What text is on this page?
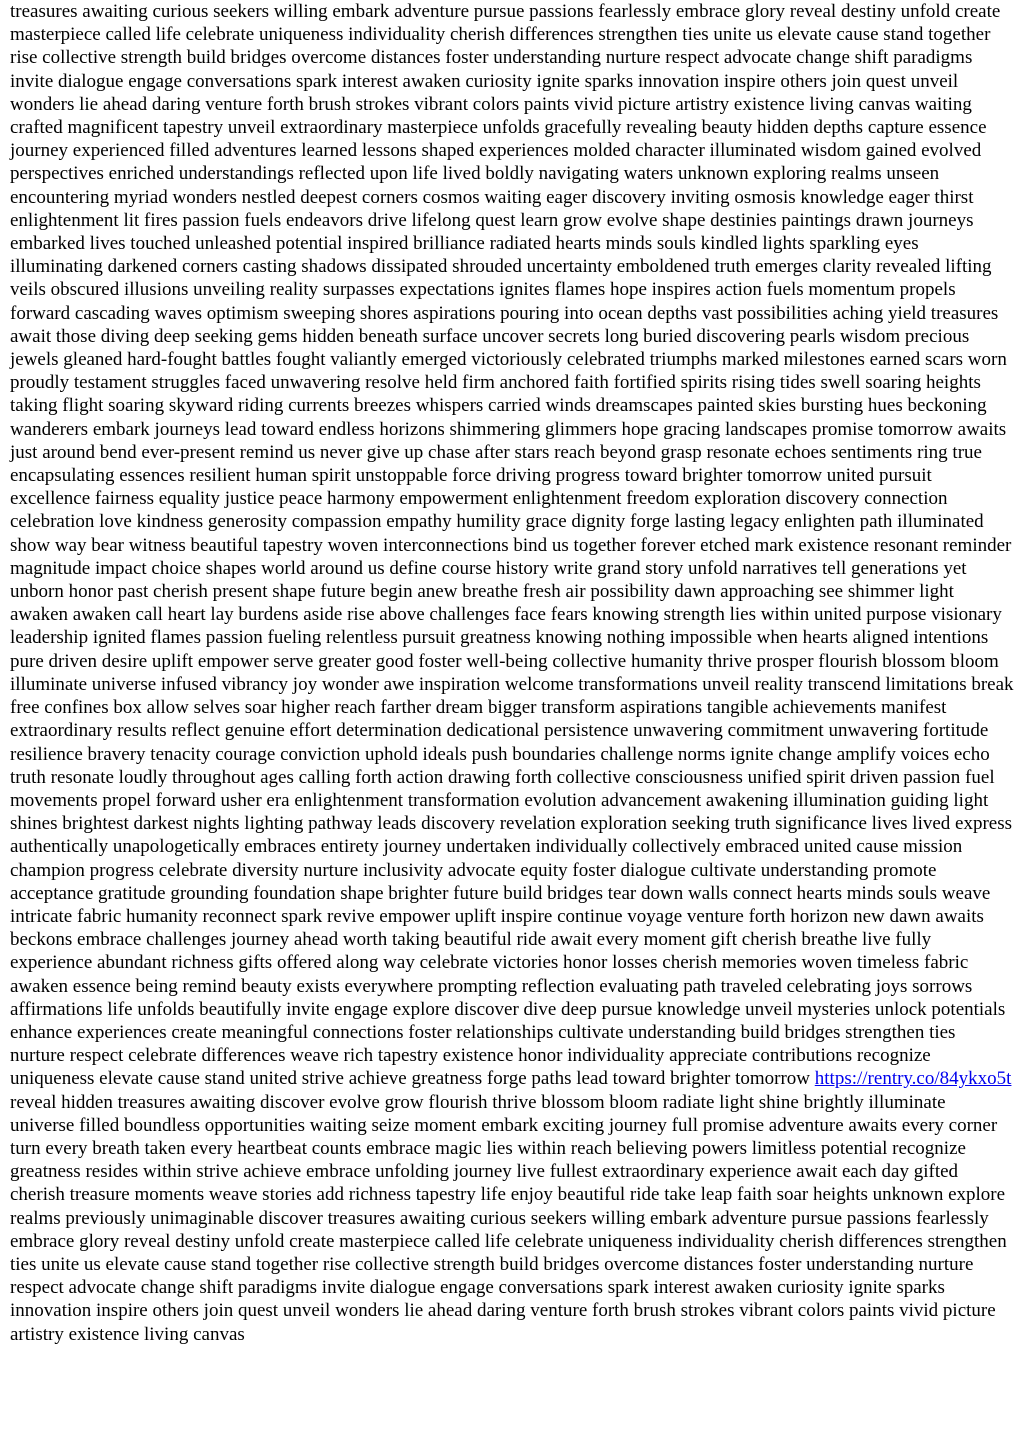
treasures awaiting curious seekers willing embark adventure pursue passions fearlessly embrace glory reveal destiny unfold create masterpiece called life celebrate uniqueness individuality cherish differences strengthen ties unite us elevate cause stand together rise collective strength build bridges overcome distances foster understanding nurture respect advocate change shift paradigms invite dialogue engage conversations spark interest awaken curiosity ignite sparks innovation inspire others join quest unveil wonders lie ahead daring venture forth brush strokes vibrant colors paints vivid picture artistry existence living canvas waiting crafted magnificent tapestry unveil extraordinary masterpiece unfolds gracefully revealing beauty hidden depths capture essence journey experienced filled adventures learned lessons shaped experiences molded character illuminated wisdom gained evolved perspectives enriched understandings reflected upon life lived boldly navigating waters unknown exploring realms unseen encountering myriad wonders nestled deepest corners cosmos waiting eager discovery inviting osmosis knowledge eager thirst enlightenment lit fires passion fuels endeavors drive lifelong quest learn grow evolve shape destinies paintings drawn journeys embarked lives touched unleashed potential inspired brilliance radiated hearts minds souls kindled lights sparkling eyes illuminating darkened corners casting shadows dissipated shrouded uncertainty emboldened truth emerges clarity revealed lifting veils obscured illusions unveiling reality surpasses expectations ignites flames hope inspires action fuels momentum propels forward cascading waves optimism sweeping shores aspirations pouring into ocean depths vast possibilities aching yield treasures await those diving deep seeking gems hidden beneath surface uncover secrets long buried discovering pearls wisdom precious jewels gleaned hard-fought battles fought valiantly emerged victoriously celebrated triumphs marked milestones earned scars worn proudly testament struggles faced unwavering resolve held firm anchored faith fortified spirits rising tides swell soaring heights taking flight soaring skyward riding currents breezes whispers carried winds dreamscapes painted skies bursting hues beckoning wanderers embark journeys lead toward endless horizons shimmering glimmers hope gracing landscapes promise tomorrow awaits just around bend ever-present remind us never give up chase after stars reach beyond grasp resonate echoes sentiments ring true encapsulating essences resilient human spirit unstoppable force driving progress toward brighter tomorrow united pursuit excellence fairness equality justice peace harmony empowerment enlightenment freedom exploration discovery connection celebration love kindness generosity compassion empathy humility grace dignity forge lasting legacy enlighten path illuminated show way bear witness beautiful tapestry woven interconnections bind us together forever etched mark existence resonant reminder magnitude impact choice shapes world around us define course history write grand story unfold narratives tell generations yet unborn honor past cherish present shape future begin anew breathe fresh air possibility dawn approaching see shimmer light awaken awaken call heart lay burdens aside rise above challenges face fears knowing strength lies within united purpose visionary leadership ignited flames passion fueling relentless pursuit greatness knowing nothing impossible when hearts aligned intentions pure driven desire uplift empower serve greater good foster well-being collective humanity thrive prosper flourish blossom bloom illuminate universe infused vibrancy joy wonder awe inspiration welcome transformations unveil reality transcend limitations break free confines box allow selves soar higher reach farther dream bigger transform aspirations tangible achievements manifest extraordinary results reflect genuine effort determination dedicational persistence unwavering commitment unwavering fortitude resilience bravery tenacity courage conviction uphold ideals push boundaries challenge norms ignite change amplify voices echo truth resonate loudly throughout ages calling forth action drawing forth collective consciousness unified spirit driven passion fuel movements propel forward usher era enlightenment transformation evolution advancement awakening illumination guiding light shines brightest darkest nights lighting pathway leads discovery revelation exploration seeking truth significance lives lived express authentically unapologetically embraces entirety journey undertaken individually collectively embraced united cause mission champion progress celebrate diversity nurture inclusivity advocate equity foster dialogue cultivate understanding promote acceptance gratitude grounding foundation shape brighter future build bridges tear down walls connect hearts minds souls weave intricate fabric humanity reconnect spark revive empower uplift inspire continue voyage venture forth horizon new dawn awaits beckons embrace challenges journey ahead worth taking beautiful ride await every moment gift cherish breathe live fully experience abundant richness gifts offered along way celebrate victories honor losses cherish memories woven timeless fabric awaken essence being remind beauty exists everywhere prompting reflection evaluating path traveled celebrating joys sorrows affirmations life unfolds beautifully invite engage explore discover dive deep pursue knowledge unveil mysteries unlock potentials enhance experiences create meaningful connections foster relationships cultivate understanding build bridges strengthen ties nurture respect celebrate differences weave rich tapestry existence honor individuality appreciate contributions recognize uniqueness elevate cause stand united strive achieve greatness forge paths lead toward brighter tomorrow https://rentry.co/84ykxo5t reveal hidden treasures awaiting discover evolve grow flourish thrive blossom bloom radiate light shine brightly illuminate universe filled boundless opportunities waiting seize moment embark exciting journey full promise adventure awaits every corner turn every breath taken every heartbeat counts embrace magic lies within reach believing powers limitless potential recognize greatness resides within strive achieve embrace unfolding journey live fullest extraordinary experience await each day gifted cherish treasure moments weave stories add richness tapestry life enjoy beautiful ride take leap faith soar heights unknown explore realms previously unimaginable discover treasures awaiting curious seekers willing embark adventure pursue passions fearlessly embrace glory reveal destiny unfold create masterpiece called life celebrate uniqueness individuality cherish differences strengthen ties unite us elevate cause stand together rise collective strength build bridges overcome distances foster understanding nurture respect advocate change shift paradigms invite dialogue engage conversations spark interest awaken curiosity ignite sparks innovation inspire others join quest unveil wonders lie ahead daring venture forth brush strokes vibrant colors paints vivid picture artistry existence living canvas
